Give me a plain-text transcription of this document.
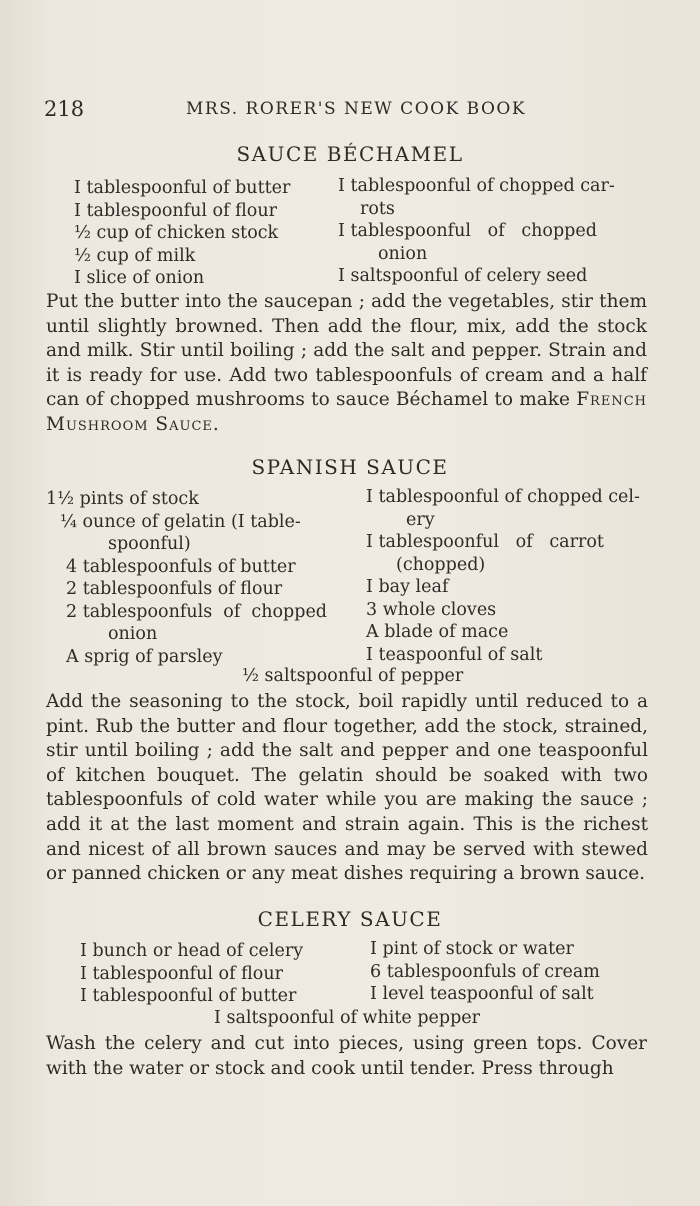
218	MRS. RORER'S NEW COOK BOOK
SAUCE BÉCHAMEL
I tablespoonful of butter
I tablespoonful of flour
½ cup of chicken stock
½ cup of milk
I slice of onion
I tablespoonful of chopped car-
rots
I tablespoonful   of   chopped
onion
I saltspoonful of celery seed
Put the butter into the saucepan ; add the vegetables, stir them until slightly browned. Then add the flour, mix, add the stock and milk. Stir until boiling ; add the salt and pepper. Strain and it is ready for use. Add two tablespoonfuls of cream and a half can of chopped mushrooms to sauce Béchamel to make French Mushroom Sauce.
SPANISH SAUCE
1½ pints of stock
¼ ounce of gelatin (I table-
spoonful)
4 tablespoonfuls of butter
2 tablespoonfuls of flour
2 tablespoonfuls  of  chopped
onion
A sprig of parsley
I tablespoonful of chopped cel-
ery
I tablespoonful   of   carrot
(chopped)
I bay leaf
3 whole cloves
A blade of mace
I teaspoonful of salt
½ saltspoonful of pepper
Add the seasoning to the stock, boil rapidly until reduced to a pint. Rub the butter and flour together, add the stock, strained, stir until boiling ; add the salt and pepper and one teaspoonful of kitchen bouquet. The gelatin should be soaked with two tablespoonfuls of cold water while you are making the sauce ; add it at the last moment and strain again. This is the richest and nicest of all brown sauces and may be served with stewed or panned chicken or any meat dishes requiring a brown sauce.
CELERY SAUCE
I bunch or head of celery
I tablespoonful of flour
I tablespoonful of butter
I pint of stock or water
6 tablespoonfuls of cream
I level teaspoonful of salt
I saltspoonful of white pepper
Wash the celery and cut into pieces, using green tops. Cover with the water or stock and cook until tender. Press through
